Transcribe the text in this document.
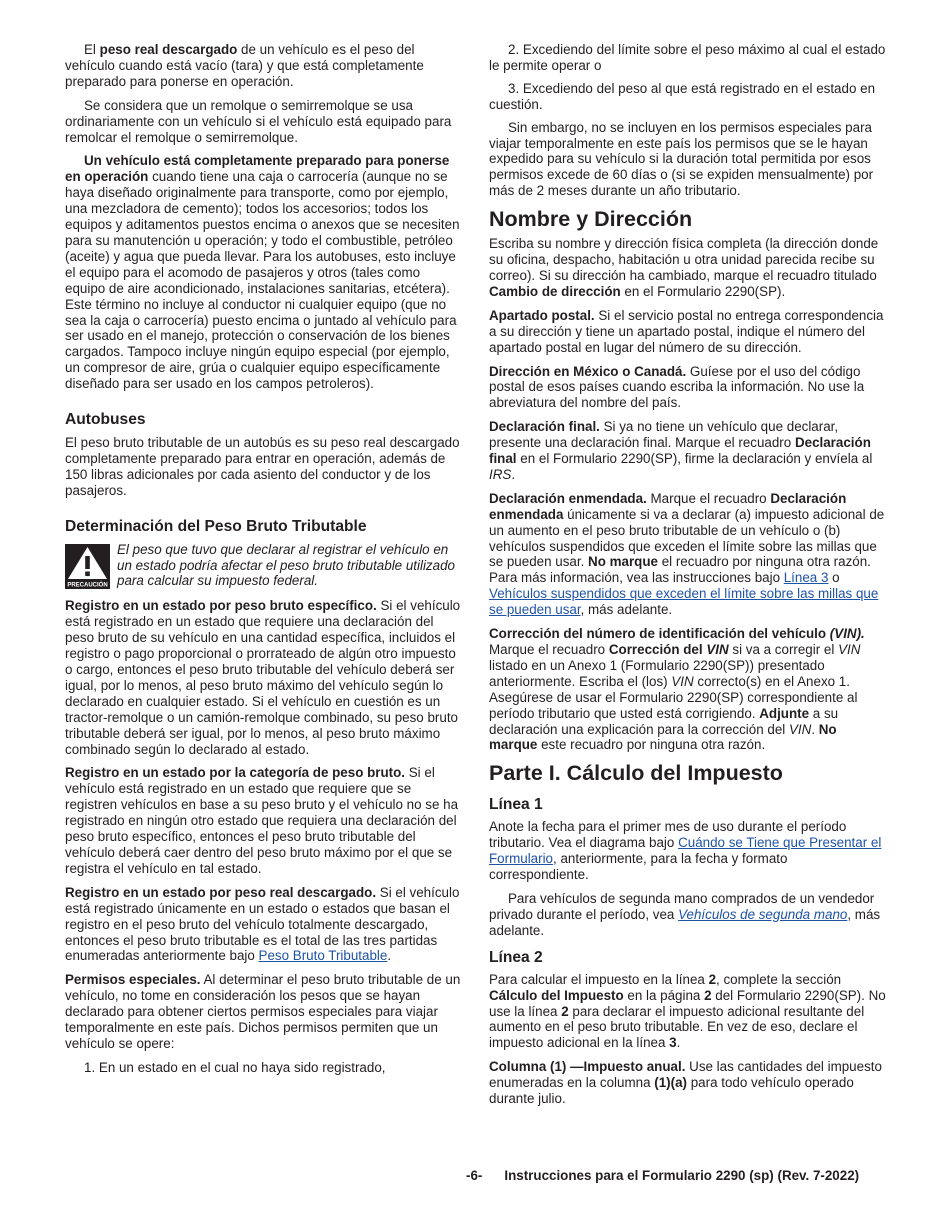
El peso real descargado de un vehículo es el peso del vehículo cuando está vacío (tara) y que está completamente preparado para ponerse en operación.

Se considera que un remolque o semirremolque se usa ordinariamente con un vehículo si el vehículo está equipado para remolcar el remolque o semirremolque.

Un vehículo está completamente preparado para ponerse en operación cuando tiene una caja o carrocería (aunque no se haya diseñado originalmente para transporte, como por ejemplo, una mezcladora de cemento); todos los accesorios; todos los equipos y aditamentos puestos encima o anexos que se necesiten para su manutención u operación; y todo el combustible, petróleo (aceite) y agua que pueda llevar. Para los autobuses, esto incluye el equipo para el acomodo de pasajeros y otros (tales como equipo de aire acondicionado, instalaciones sanitarias, etcétera). Este término no incluye al conductor ni cualquier equipo (que no sea la caja o carrocería) puesto encima o juntado al vehículo para ser usado en el manejo, protección o conservación de los bienes cargados. Tampoco incluye ningún equipo especial (por ejemplo, un compresor de aire, grúa o cualquier equipo específicamente diseñado para ser usado en los campos petroleros).

Autobuses

El peso bruto tributable de un autobús es su peso real descargado completamente preparado para entrar en operación, además de 150 libras adicionales por cada asiento del conductor y de los pasajeros.

Determinación del Peso Bruto Tributable
PRECAUCIÓN
El peso que tuvo que declarar al registrar el vehículo en un estado podría afectar el peso bruto tributable utilizado para calcular su impuesto federal.

Registro en un estado por peso bruto específico. Si el vehículo está registrado en un estado que requiere una declaración del peso bruto de su vehículo en una cantidad específica, incluidos el registro o pago proporcional o prorrateado de algún otro impuesto o cargo, entonces el peso bruto tributable del vehículo deberá ser igual, por lo menos, al peso bruto máximo del vehículo según lo declarado en cualquier estado. Si el vehículo en cuestión es un tractor-remolque o un camión-remolque combinado, su peso bruto tributable deberá ser igual, por lo menos, al peso bruto máximo combinado según lo declarado al estado.

Registro en un estado por la categoría de peso bruto. Si el vehículo está registrado en un estado que requiere que se registren vehículos en base a su peso bruto y el vehículo no se ha registrado en ningún otro estado que requiera una declaración del peso bruto específico, entonces el peso bruto tributable del vehículo deberá caer dentro del peso bruto máximo por el que se registra el vehículo en tal estado.

Registro en un estado por peso real descargado. Si el vehículo está registrado únicamente en un estado o estados que basan el registro en el peso bruto del vehículo totalmente descargado, entonces el peso bruto tributable es el total de las tres partidas enumeradas anteriormente bajo Peso Bruto Tributable.

Permisos especiales. Al determinar el peso bruto tributable de un vehículo, no tome en consideración los pesos que se hayan declarado para obtener ciertos permisos especiales para viajar temporalmente en este país. Dichos permisos permiten que un vehículo se opere:

1. En un estado en el cual no haya sido registrado,

2. Excediendo del límite sobre el peso máximo al cual el estado le permite operar o

3. Excediendo del peso al que está registrado en el estado en cuestión.

Sin embargo, no se incluyen en los permisos especiales para viajar temporalmente en este país los permisos que se le hayan expedido para su vehículo si la duración total permitida por esos permisos excede de 60 días o (si se expiden mensualmente) por más de 2 meses durante un año tributario.

Nombre y Dirección

Escriba su nombre y dirección física completa (la dirección donde su oficina, despacho, habitación u otra unidad parecida recibe su correo). Si su dirección ha cambiado, marque el recuadro titulado Cambio de dirección en el Formulario 2290(SP).

Apartado postal. Si el servicio postal no entrega correspondencia a su dirección y tiene un apartado postal, indique el número del apartado postal en lugar del número de su dirección.

Dirección en México o Canadá. Guíese por el uso del código postal de esos países cuando escriba la información. No use la abreviatura del nombre del país.

Declaración final. Si ya no tiene un vehículo que declarar, presente una declaración final. Marque el recuadro Declaración final en el Formulario 2290(SP), firme la declaración y envíela al IRS.

Declaración enmendada. Marque el recuadro Declaración enmendada únicamente si va a declarar (a) impuesto adicional de un aumento en el peso bruto tributable de un vehículo o (b) vehículos suspendidos que exceden el límite sobre las millas que se pueden usar. No marque el recuadro por ninguna otra razón. Para más información, vea las instrucciones bajo Línea 3 o Vehículos suspendidos que exceden el límite sobre las millas que se pueden usar, más adelante.

Corrección del número de identificación del vehículo (VIN). Marque el recuadro Corrección del VIN si va a corregir el VIN listado en un Anexo 1 (Formulario 2290(SP)) presentado anteriormente. Escriba el (los) VIN correcto(s) en el Anexo 1. Asegúrese de usar el Formulario 2290(SP) correspondiente al período tributario que usted está corrigiendo. Adjunte a su declaración una explicación para la corrección del VIN. No marque este recuadro por ninguna otra razón.

Parte I. Cálculo del Impuesto
Línea 1

Anote la fecha para el primer mes de uso durante el período tributario. Vea el diagrama bajo Cuándo se Tiene que Presentar el Formulario, anteriormente, para la fecha y formato correspondiente.

Para vehículos de segunda mano comprados de un vendedor privado durante el período, vea Vehículos de segunda mano, más adelante.

Línea 2

Para calcular el impuesto en la línea 2, complete la sección Cálculo del Impuesto en la página 2 del Formulario 2290(SP). No use la línea 2 para declarar el impuesto adicional resultante del aumento en el peso bruto tributable. En vez de eso, declare el impuesto adicional en la línea 3.

Columna (1) —Impuesto anual. Use las cantidades del impuesto enumeradas en la columna (1)(a) para todo vehículo operado durante julio.

-6- Instrucciones para el Formulario 2290 (sp) (Rev. 7-2022)
